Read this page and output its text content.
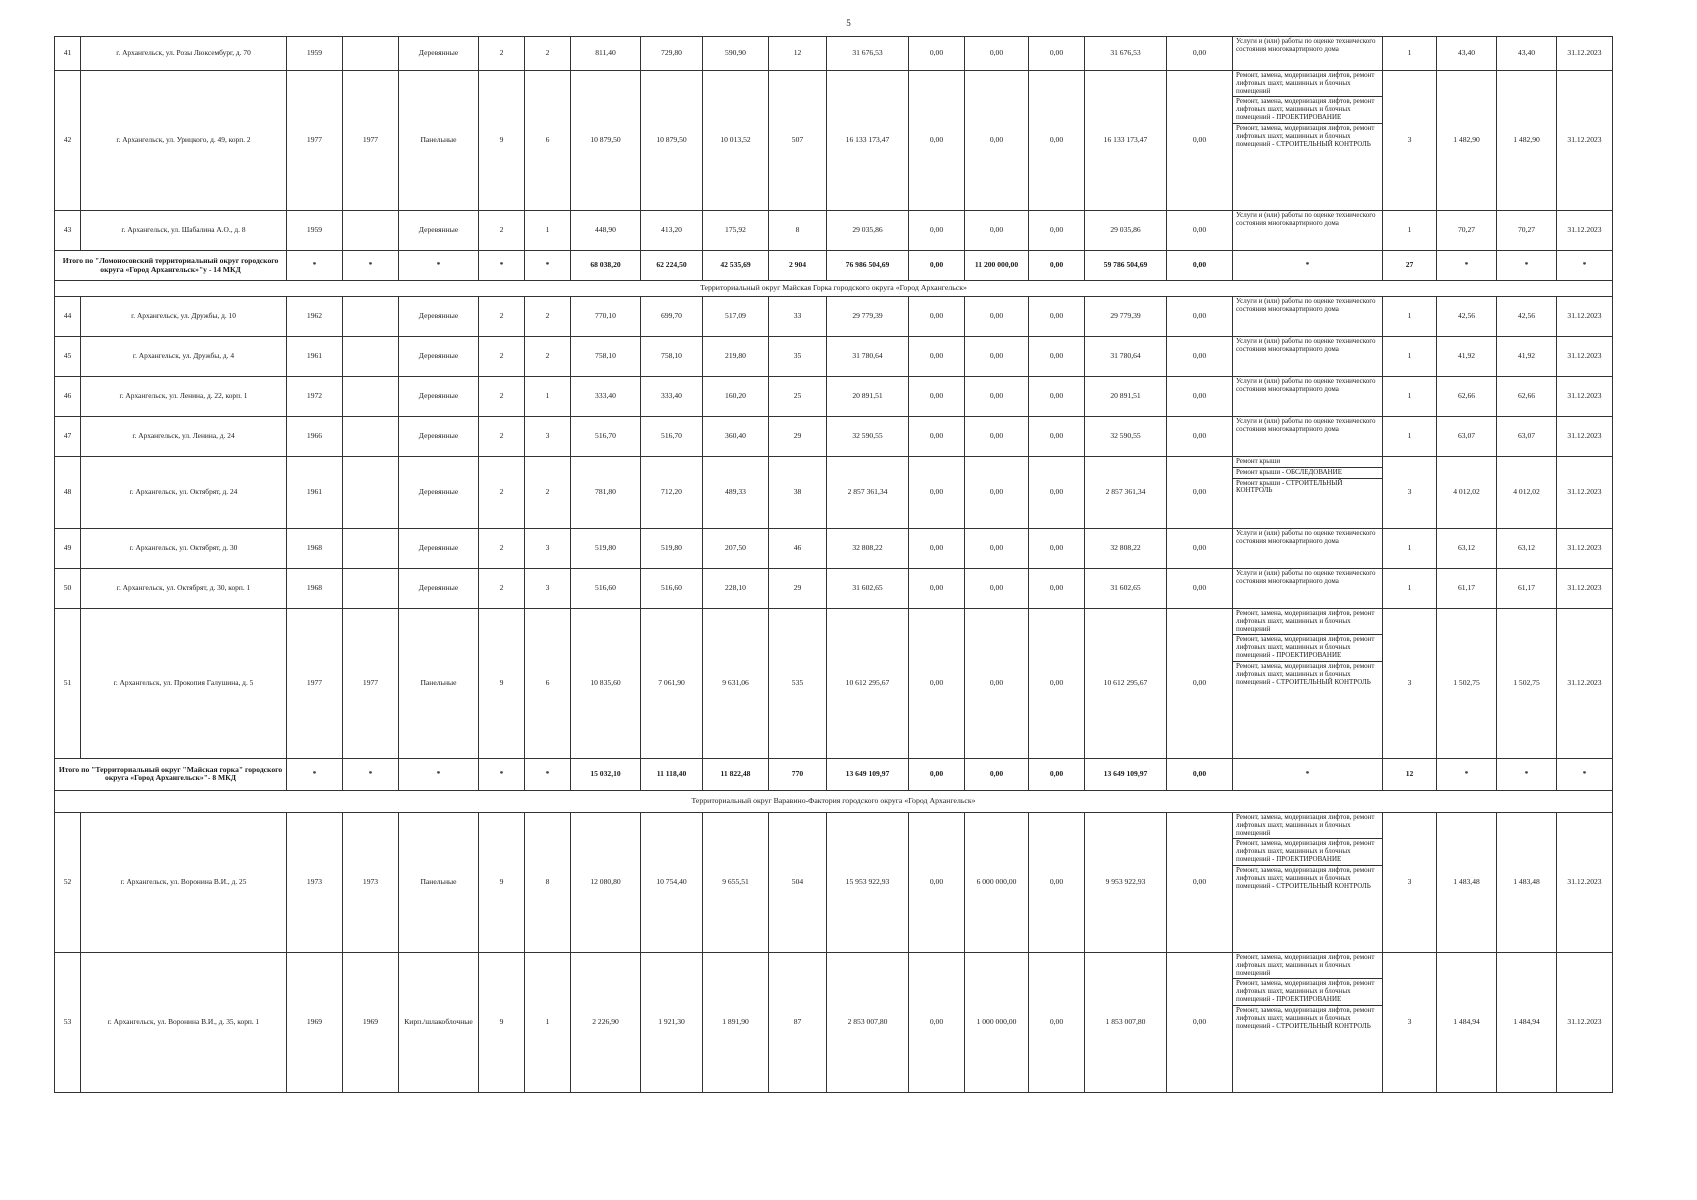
5
41	г. Архангельск, ул. Розы Люксембург, д. 70	1959		Деревянные	2	2	811,40	729,80	590,90	12	31 676,53	0,00	0,00	0,00	31 676,53	0,00	Услуги и (или) работы по оценке технического состояния многоквартирного дома	1	43,40	43,40	31.12.2023
42	г. Архангельск, ул. Урицкого, д. 49, корп. 2	1977	1977	Панельные	9	6	10 879,50	10 879,50	10 013,52	507	16 133 173,47	0,00	0,00	0,00	16 133 173,47	0,00	Ремонт, замена, модернизация лифтов, ремонт лифтовых шахт, машинных и блочных помещений
Ремонт, замена, модернизация лифтов, ремонт лифтовых шахт, машинных и блочных помещений - ПРОЕКТИРОВАНИЕ
Ремонт, замена, модернизация лифтов, ремонт лифтовых шахт, машинных и блочных помещений - СТРОИТЕЛЬНЫЙ КОНТРОЛЬ	3	1 482,90	1 482,90	31.12.2023
43	г. Архангельск, ул. Шабалина А.О., д. 8	1959		Деревянные	2	1	448,90	413,20	175,92	8	29 035,86	0,00	0,00	0,00	29 035,86	0,00	Услуги и (или) работы по оценке технического состояния многоквартирного дома	1	70,27	70,27	31.12.2023
Итого по "Ломоносовский территориальный округ городского округа «Город Архангельск»"у - 14 МКД		*	*	*	*	*	68 038,20	62 224,50	42 535,69	2 904	76 986 504,69	0,00	11 200 000,00	0,00	59 786 504,69	0,00	*	27	*	*	*
Территориальный округ Майская Горка городского округа «Город Архангельск»																					
44	г. Архангельск, ул. Дружбы, д. 10	1962		Деревянные	2	2	770,10	699,70	517,09	33	29 779,39	0,00	0,00	0,00	29 779,39	0,00	Услуги и (или) работы по оценке технического состояния многоквартирного дома	1	42,56	42,56	31.12.2023
45	г. Архангельск, ул. Дружбы, д. 4	1961		Деревянные	2	2	758,10	758,10	219,80	35	31 780,64	0,00	0,00	0,00	31 780,64	0,00	Услуги и (или) работы по оценке технического состояния многоквартирного дома	1	41,92	41,92	31.12.2023
46	г. Архангельск, ул. Ленина, д. 22, корп. 1	1972		Деревянные	2	1	333,40	333,40	160,20	25	20 891,51	0,00	0,00	0,00	20 891,51	0,00	Услуги и (или) работы по оценке технического состояния многоквартирного дома	1	62,66	62,66	31.12.2023
47	г. Архангельск, ул. Ленина, д. 24	1966		Деревянные	2	3	516,70	516,70	360,40	29	32 590,55	0,00	0,00	0,00	32 590,55	0,00	Услуги и (или) работы по оценке технического состояния многоквартирного дома	1	63,07	63,07	31.12.2023
48	г. Архангельск, ул. Октябрят, д. 24	1961		Деревянные	2	2	781,80	712,20	489,33	38	2 857 361,34	0,00	0,00	0,00	2 857 361,34	0,00	Ремонт крыши
Ремонт крыши - ОБСЛЕДОВАНИЕ
Ремонт крыши - СТРОИТЕЛЬНЫЙ КОНТРОЛЬ	3	4 012,02	4 012,02	31.12.2023
49	г. Архангельск, ул. Октябрят, д. 30	1968		Деревянные	2	3	519,80	519,80	207,50	46	32 808,22	0,00	0,00	0,00	32 808,22	0,00	Услуги и (или) работы по оценке технического состояния многоквартирного дома	1	63,12	63,12	31.12.2023
50	г. Архангельск, ул. Октябрят, д. 30, корп. 1	1968		Деревянные	2	3	516,60	516,60	228,10	29	31 602,65	0,00	0,00	0,00	31 602,65	0,00	Услуги и (или) работы по оценке технического состояния многоквартирного дома	1	61,17	61,17	31.12.2023
51	г. Архангельск, ул. Прокопия Галушина, д. 5	1977	1977	Панельные	9	6	10 835,60	7 061,90	9 631,06	535	10 612 295,67	0,00	0,00	0,00	10 612 295,67	0,00	Ремонт, замена, модернизация лифтов, ремонт лифтовых шахт, машинных и блочных помещений
Ремонт, замена, модернизация лифтов, ремонт лифтовых шахт, машинных и блочных помещений - ПРОЕКТИРОВАНИЕ
Ремонт, замена, модернизация лифтов, ремонт лифтовых шахт, машинных и блочных помещений - СТРОИТЕЛЬНЫЙ КОНТРОЛЬ	3	1 502,75	1 502,75	31.12.2023
Итого по "Территориальный округ "Майская горка" городского округа «Город Архангельск»"- 8 МКД		*	*	*	*	*	15 032,10	11 118,40	11 822,48	770	13 649 109,97	0,00	0,00	0,00	13 649 109,97	0,00	*	12	*	*	*
Территориальный округ Варавино-Фактория городского округа «Город Архангельск»																					
52	г. Архангельск, ул. Воронина В.И., д. 25	1973	1973	Панельные	9	8	12 080,80	10 754,40	9 655,51	504	15 953 922,93	0,00	6 000 000,00	0,00	9 953 922,93	0,00	Ремонт, замена, модернизация лифтов, ремонт лифтовых шахт, машинных и блочных помещений
Ремонт, замена, модернизация лифтов, ремонт лифтовых шахт, машинных и блочных помещений - ПРОЕКТИРОВАНИЕ
Ремонт, замена, модернизация лифтов, ремонт лифтовых шахт, машинных и блочных помещений - СТРОИТЕЛЬНЫЙ КОНТРОЛЬ	3	1 483,48	1 483,48	31.12.2023
53	г. Архангельск, ул. Воронина В.И., д. 35, корп. 1	1969	1969	Кирп./шлакоблочные	9	1	2 226,90	1 921,30	1 891,90	87	2 853 007,80	0,00	1 000 000,00	0,00	1 853 007,80	0,00	Ремонт, замена, модернизация лифтов, ремонт лифтовых шахт, машинных и блочных помещений
Ремонт, замена, модернизация лифтов, ремонт лифтовых шахт, машинных и блочных помещений - ПРОЕКТИРОВАНИЕ
Ремонт, замена, модернизация лифтов, ремонт лифтовых шахт, машинных и блочных помещений - СТРОИТЕЛЬНЫЙ КОНТРОЛЬ	3	1 484,94	1 484,94	31.12.2023
